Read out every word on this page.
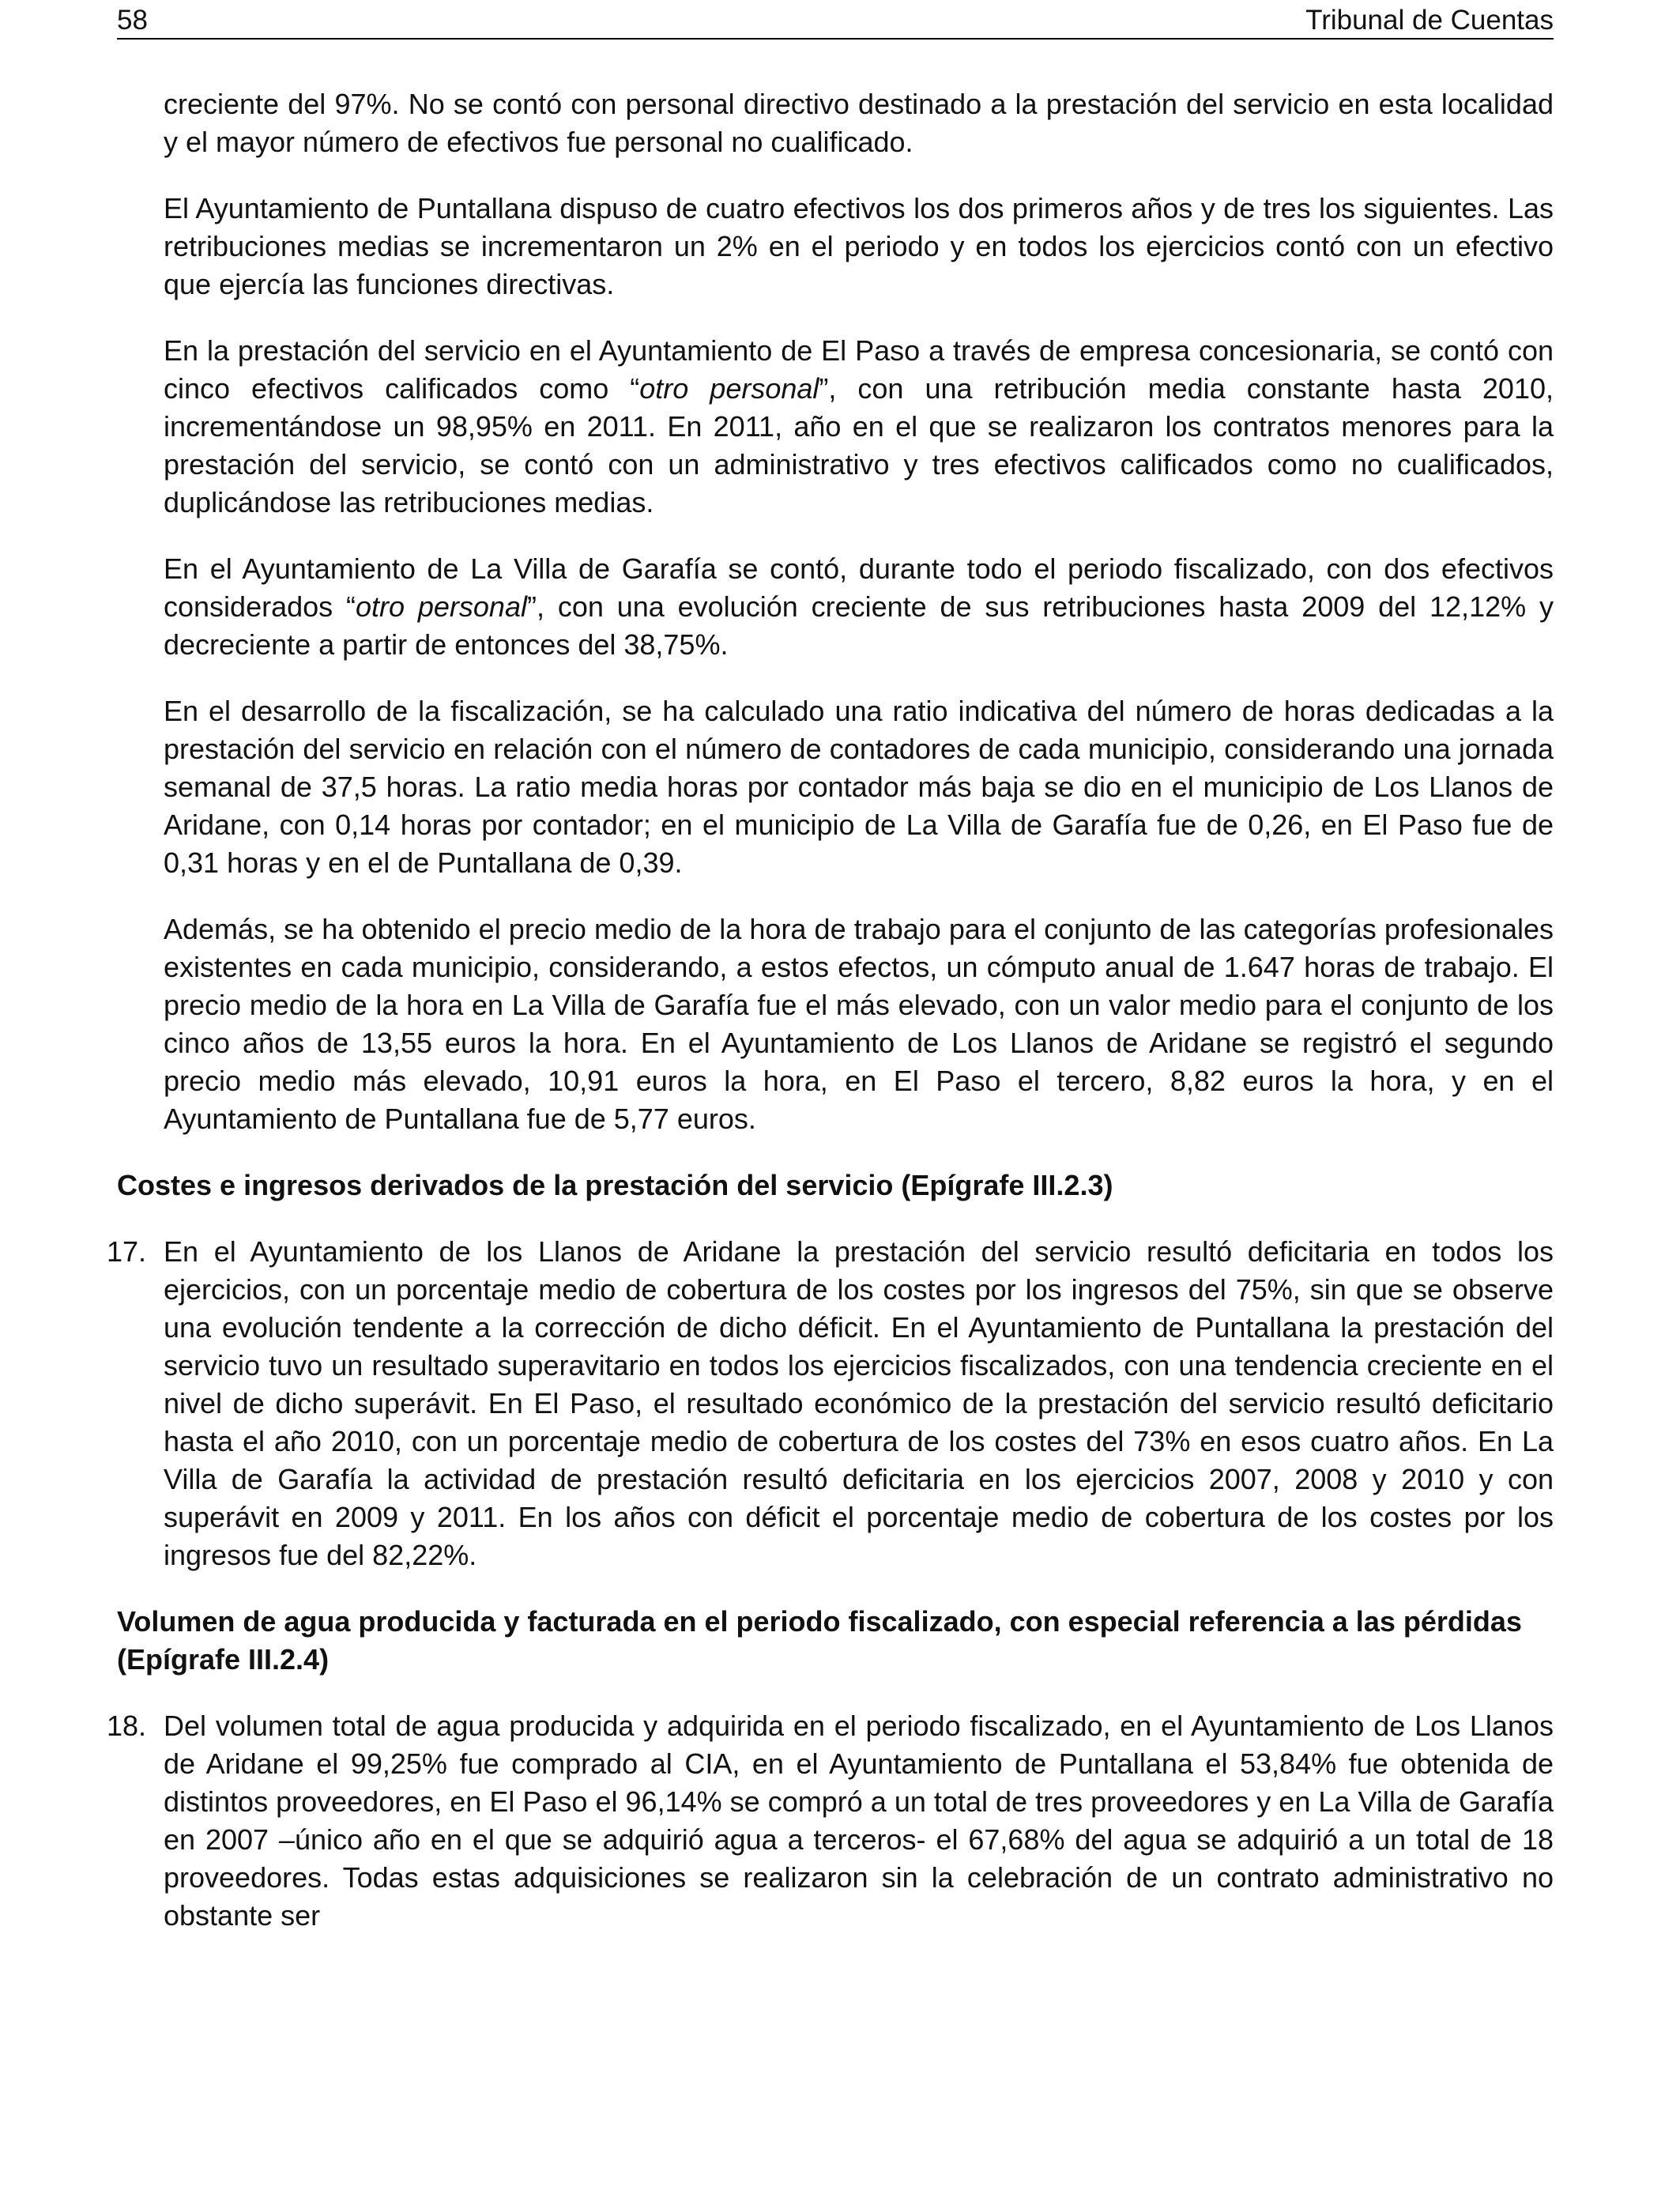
58	Tribunal de Cuentas

creciente del 97%. No se contó con personal directivo destinado a la prestación del servicio en esta localidad y el mayor número de efectivos fue personal no cualificado.

El Ayuntamiento de Puntallana dispuso de cuatro efectivos los dos primeros años y de tres los siguientes. Las retribuciones medias se incrementaron un 2% en el periodo y en todos los ejercicios contó con un efectivo que ejercía las funciones directivas.

En la prestación del servicio en el Ayuntamiento de El Paso a través de empresa concesionaria, se contó con cinco efectivos calificados como “otro personal”, con una retribución media constante hasta 2010, incrementándose un 98,95% en 2011. En 2011, año en el que se realizaron los contratos menores para la prestación del servicio, se contó con un administrativo y tres efectivos calificados como no cualificados, duplicándose las retribuciones medias.

En el Ayuntamiento de La Villa de Garafía se contó, durante todo el periodo fiscalizado, con dos efectivos considerados “otro personal”, con una evolución creciente de sus retribuciones hasta 2009 del 12,12% y decreciente a partir de entonces del 38,75%.

En el desarrollo de la fiscalización, se ha calculado una ratio indicativa del número de horas dedicadas a la prestación del servicio en relación con el número de contadores de cada municipio, considerando una jornada semanal de 37,5 horas. La ratio media horas por contador más baja se dio en el municipio de Los Llanos de Aridane, con 0,14 horas por contador; en el municipio de La Villa de Garafía fue de 0,26, en El Paso fue de 0,31 horas y en el de Puntallana de 0,39.

Además, se ha obtenido el precio medio de la hora de trabajo para el conjunto de las categorías profesionales existentes en cada municipio, considerando, a estos efectos, un cómputo anual de 1.647 horas de trabajo. El precio medio de la hora en La Villa de Garafía fue el más elevado, con un valor medio para el conjunto de los cinco años de 13,55 euros la hora. En el Ayuntamiento de Los Llanos de Aridane se registró el segundo precio medio más elevado, 10,91 euros la hora, en El Paso el tercero, 8,82 euros la hora, y en el Ayuntamiento de Puntallana fue de 5,77 euros.

Costes e ingresos derivados de la prestación del servicio (Epígrafe III.2.3)

17. En el Ayuntamiento de los Llanos de Aridane la prestación del servicio resultó deficitaria en todos los ejercicios, con un porcentaje medio de cobertura de los costes por los ingresos del 75%, sin que se observe una evolución tendente a la corrección de dicho déficit. En el Ayuntamiento de Puntallana la prestación del servicio tuvo un resultado superavitario en todos los ejercicios fiscalizados, con una tendencia creciente en el nivel de dicho superávit. En El Paso, el resultado económico de la prestación del servicio resultó deficitario hasta el año 2010, con un porcentaje medio de cobertura de los costes del 73% en esos cuatro años. En La Villa de Garafía la actividad de prestación resultó deficitaria en los ejercicios 2007, 2008 y 2010 y con superávit en 2009 y 2011. En los años con déficit el porcentaje medio de cobertura de los costes por los ingresos fue del 82,22%.

Volumen de agua producida y facturada en el periodo fiscalizado, con especial referencia a las pérdidas (Epígrafe III.2.4)

18. Del volumen total de agua producida y adquirida en el periodo fiscalizado, en el Ayuntamiento de Los Llanos de Aridane el 99,25% fue comprado al CIA, en el Ayuntamiento de Puntallana el 53,84% fue obtenida de distintos proveedores, en El Paso el 96,14% se compró a un total de tres proveedores y en La Villa de Garafía en 2007 –único año en el que se adquirió agua a terceros- el 67,68% del agua se adquirió a un total de 18 proveedores. Todas estas adquisiciones se realizaron sin la celebración de un contrato administrativo no obstante ser
